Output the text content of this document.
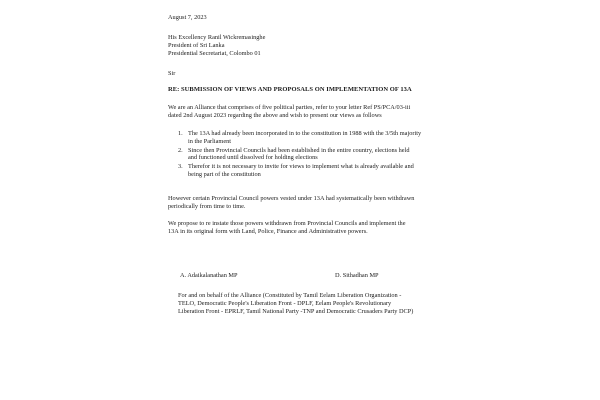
August 7, 2023
His Excellency Ranil Wickremasinghe
President of Sri Lanka
Presidential Secretariat, Colombo 01
Sir
RE: SUBMISSION OF VIEWS AND PROPOSALS ON IMPLEMENTATION OF 13A
We are an Alliance that comprises of five political parties, refer to your letter Ref PS/PCA/03-iii
dated 2nd August 2023 regarding the above and wish to present our views as follows
1. The 13A had already been incorporated in to the constitution in 1988 with the 3/5th majority
in the Parliament
2. Since then Provincial Councils had been established in the entire country, elections held
and functioned until dissolved for holding elections
3. Therefor it is not necessary to invite for views to implement what is already available and
being part of the constitution
However certain Provincial Council powers vested under 13A had systematically been withdrawn
periodically from time to time.
We propose to re instate those powers withdrawn from Provincial Councils and implement the
13A in its original form with Land, Police, Finance and Administrative powers.
A. Adaikalanathan MP	D. Sithadhan MP
For and on behalf of the Alliance (Constituted by Tamil Eelam Liberation Organization -
TELO, Democratic People's Liberation Front - DPLF, Eelam People's Revolutionary
Liberation Front - EPRLF, Tamil National Party -TNP and Democratic Crusaders Party DCP)
